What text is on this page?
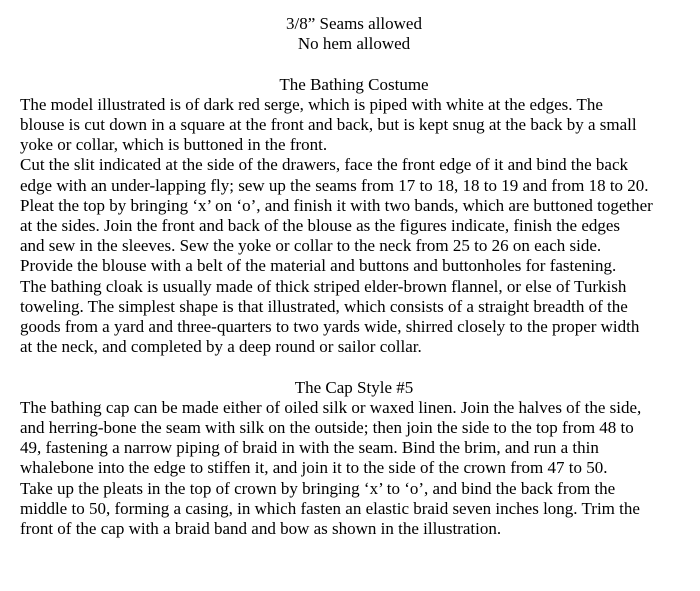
3/8” Seams allowed

No hem allowed

The Bathing Costume

The model illustrated is of dark red serge, which is piped with white at the edges. The

blouse is cut down in a square at the front and back, but is kept snug at the back by a small

yoke or collar, which is buttoned in the front.

Cut the slit indicated at the side of the drawers, face the front edge of it and bind the back

edge with an under-lapping fly; sew up the seams from 17 to 18, 18 to 19 and from 18 to 20.

Pleat the top by bringing ‘x’ on ‘o’, and finish it with two bands, which are buttoned together

at the sides. Join the front and back of the blouse as the figures indicate, finish the edges

and sew in the sleeves. Sew the yoke or collar to the neck from 25 to 26 on each side.

Provide the blouse with a belt of the material and buttons and buttonholes for fastening.

The bathing cloak is usually made of thick striped elder-brown flannel, or else of Turkish

toweling. The simplest shape is that illustrated, which consists of a straight breadth of the

goods from a yard and three-quarters to two yards wide, shirred closely to the proper width

at the neck, and completed by a deep round or sailor collar.

The Cap Style #5

The bathing cap can be made either of oiled silk or waxed linen. Join the halves of the side,

and herring-bone the seam with silk on the outside; then join the side to the top from 48 to

49, fastening a narrow piping of braid in with the seam. Bind the brim, and run a thin

whalebone into the edge to stiffen it, and join it to the side of the crown from 47 to 50.

Take up the pleats in the top of crown by bringing ‘x’ to ‘o’, and bind the back from the

middle to 50, forming a casing, in which fasten an elastic braid seven inches long. Trim the

front of the cap with a braid band and bow as shown in the illustration.
